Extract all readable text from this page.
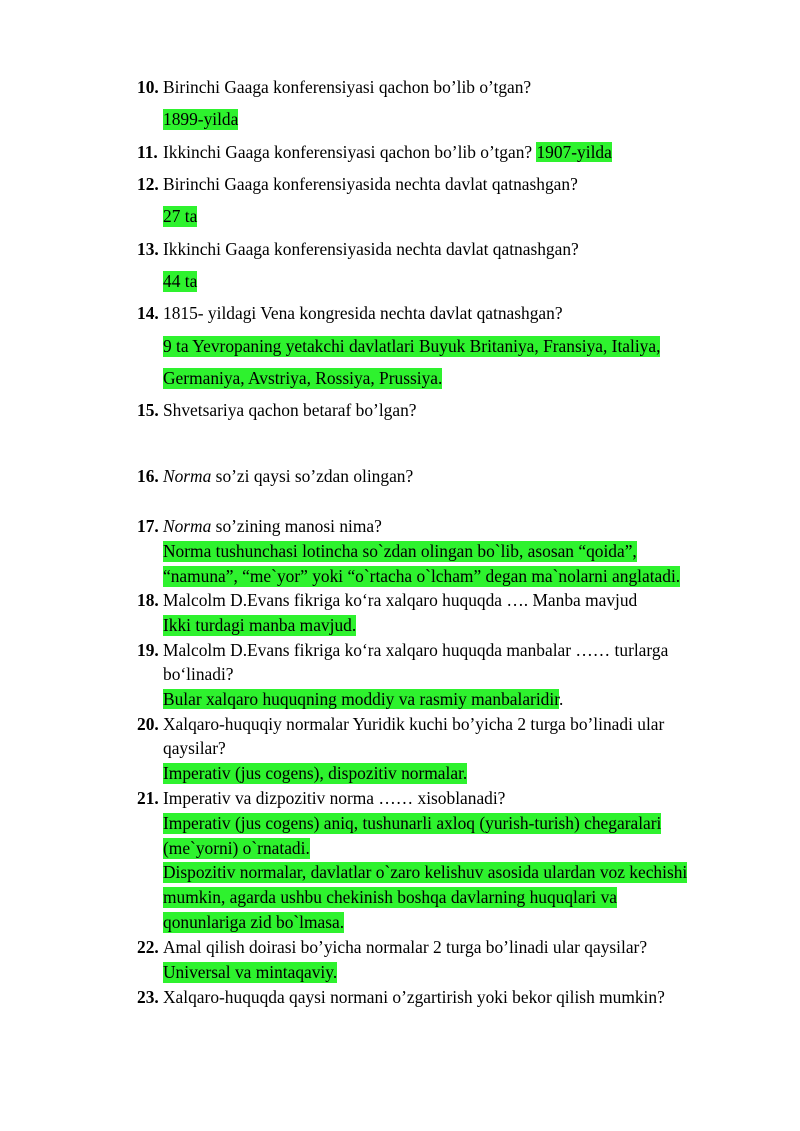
10. Birinchi Gaaga konferensiyasi qachon bo’lib o’tgan?
1899-yilda
11. Ikkinchi Gaaga konferensiyasi qachon bo’lib o’tgan? 1907-yilda
12. Birinchi Gaaga konferensiyasida nechta davlat qatnashgan?
27 ta
13. Ikkinchi Gaaga konferensiyasida nechta davlat qatnashgan?
44 ta
14. 1815- yildagi Vena kongresida nechta davlat qatnashgan?
9 ta Yevropaning yetakchi davlatlari Buyuk Britaniya, Fransiya, Italiya,
Germaniya, Avstriya, Rossiya, Prussiya.
15. Shvetsariya qachon betaraf bo’lgan?
16. Norma so’zi qaysi so’zdan olingan?
17. Norma so’zining manosi nima?
Norma tushunchasi lotincha so`zdan olingan bo`lib, asosan “qoida”,
“namuna”, “me`yor” yoki “o`rtacha o`lcham” degan ma`nolarni anglatadi.
18. Malcolm D.Evans fikriga ko‘ra xalqaro huquqda …. Manba mavjud
Ikki turdagi manba mavjud.
19. Malcolm D.Evans fikriga ko‘ra xalqaro huquqda manbalar …… turlarga
bo‘linadi?
Bular xalqaro huquqning moddiy va rasmiy manbalaridir.
20. Xalqaro-huquqiy normalar Yuridik kuchi bo’yicha 2 turga bo’linadi ular
qaysilar?
Imperativ (jus cogens), dispozitiv normalar.
21. Imperativ va dizpozitiv norma …… xisoblanadi?
Imperativ (jus cogens) aniq, tushunarli axloq (yurish-turish) chegaralari
(me`yorni) o`rnatadi.
Dispozitiv normalar, davlatlar o`zaro kelishuv asosida ulardan voz kechishi
mumkin, agarda ushbu chekinish boshqa davlarning huquqlari va
qonunlariga zid bo`lmasa.
22. Amal qilish doirasi bo’yicha normalar 2 turga bo’linadi ular qaysilar?
Universal va mintaqaviy.
23. Xalqaro-huquqda qaysi normani o’zgartirish yoki bekor qilish mumkin?
